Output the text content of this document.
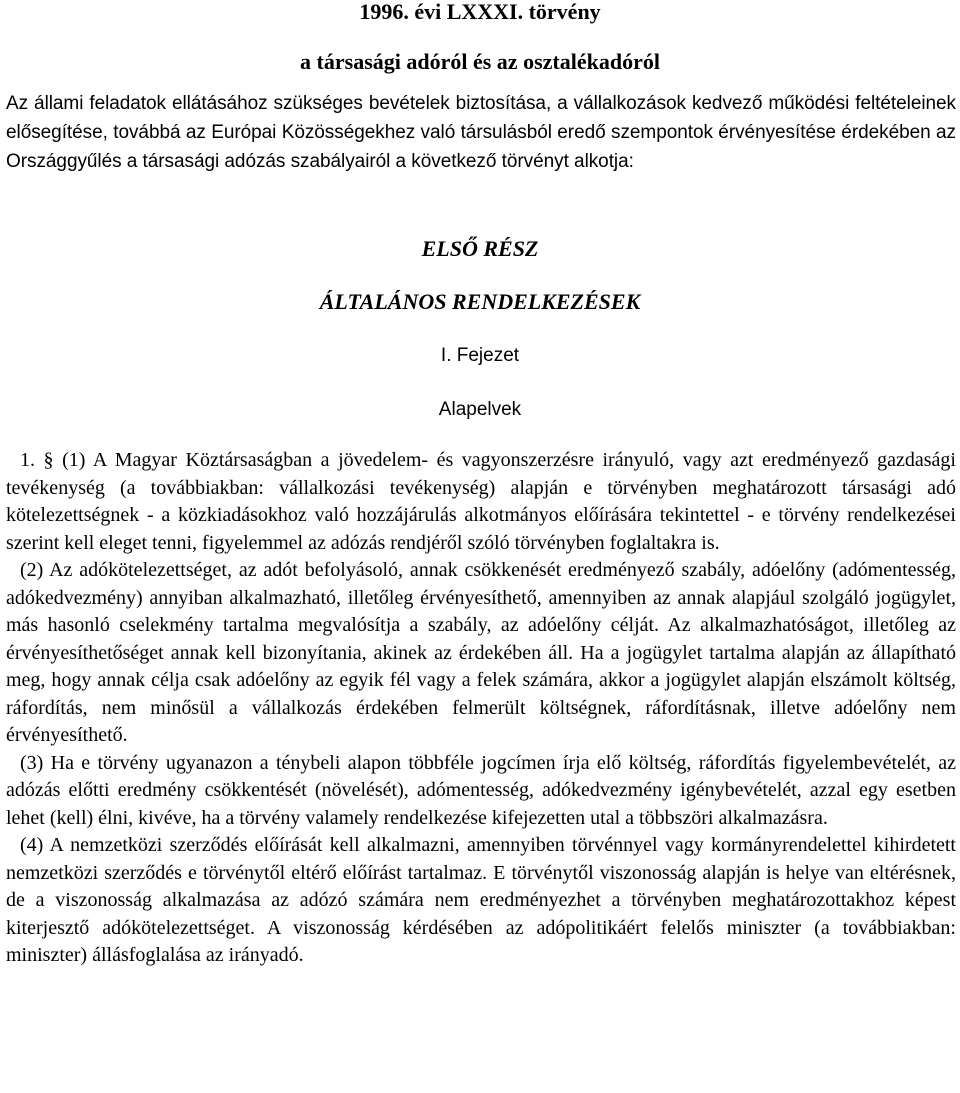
1996. évi LXXXI. törvény
a társasági adóról és az osztalékadóról

Az állami feladatok ellátásához szükséges bevételek biztosítása, a vállalkozások kedvező működési feltételeinek elősegítése, továbbá az Európai Közösségekhez való társulásból eredő szempontok érvényesítése érdekében az Országgyűlés a társasági adózás szabályairól a következő törvényt alkotja:

ELSŐ RÉSZ
ÁLTALÁNOS RENDELKEZÉSEK
I. Fejezet
Alapelvek

1. § (1) A Magyar Köztársaságban a jövedelem- és vagyonszerzésre irányuló, vagy azt eredményező gazdasági tevékenység (a továbbiakban: vállalkozási tevékenység) alapján e törvényben meghatározott társasági adó kötelezettségnek - a közkiadásokhoz való hozzájárulás alkotmányos előírására tekintettel - e törvény rendelkezései szerint kell eleget tenni, figyelemmel az adózás rendjéről szóló törvényben foglaltakra is.

(2) Az adókötelezettséget, az adót befolyásoló, annak csökkenését eredményező szabály, adóelőny (adómentesség, adókedvezmény) annyiban alkalmazható, illetőleg érvényesíthető, amennyiben az annak alapjául szolgáló jogügylet, más hasonló cselekmény tartalma megvalósítja a szabály, az adóelőny célját. Az alkalmazhatóságot, illetőleg az érvényesíthetőséget annak kell bizonyítania, akinek az érdekében áll. Ha a jogügylet tartalma alapján az állapítható meg, hogy annak célja csak adóelőny az egyik fél vagy a felek számára, akkor a jogügylet alapján elszámolt költség, ráfordítás, nem minősül a vállalkozás érdekében felmerült költségnek, ráfordításnak, illetve adóelőny nem érvényesíthető.

(3) Ha e törvény ugyanazon a ténybeli alapon többféle jogcímen írja elő költség, ráfordítás figyelembevételét, az adózás előtti eredmény csökkentését (növelését), adómentesség, adókedvezmény igénybevételét, azzal egy esetben lehet (kell) élni, kivéve, ha a törvény valamely rendelkezése kifejezetten utal a többszöri alkalmazásra.

(4) A nemzetközi szerződés előírását kell alkalmazni, amennyiben törvénnyel vagy kormányrendelettel kihirdetett nemzetközi szerződés e törvénytől eltérő előírást tartalmaz. E törvénytől viszonosság alapján is helye van eltérésnek, de a viszonosság alkalmazása az adózó számára nem eredményezhet a törvényben meghatározottakhoz képest kiterjesztő adókötelezettséget. A viszonosság kérdésében az adópolitikáért felelős miniszter (a továbbiakban: miniszter) állásfoglalása az irányadó.
